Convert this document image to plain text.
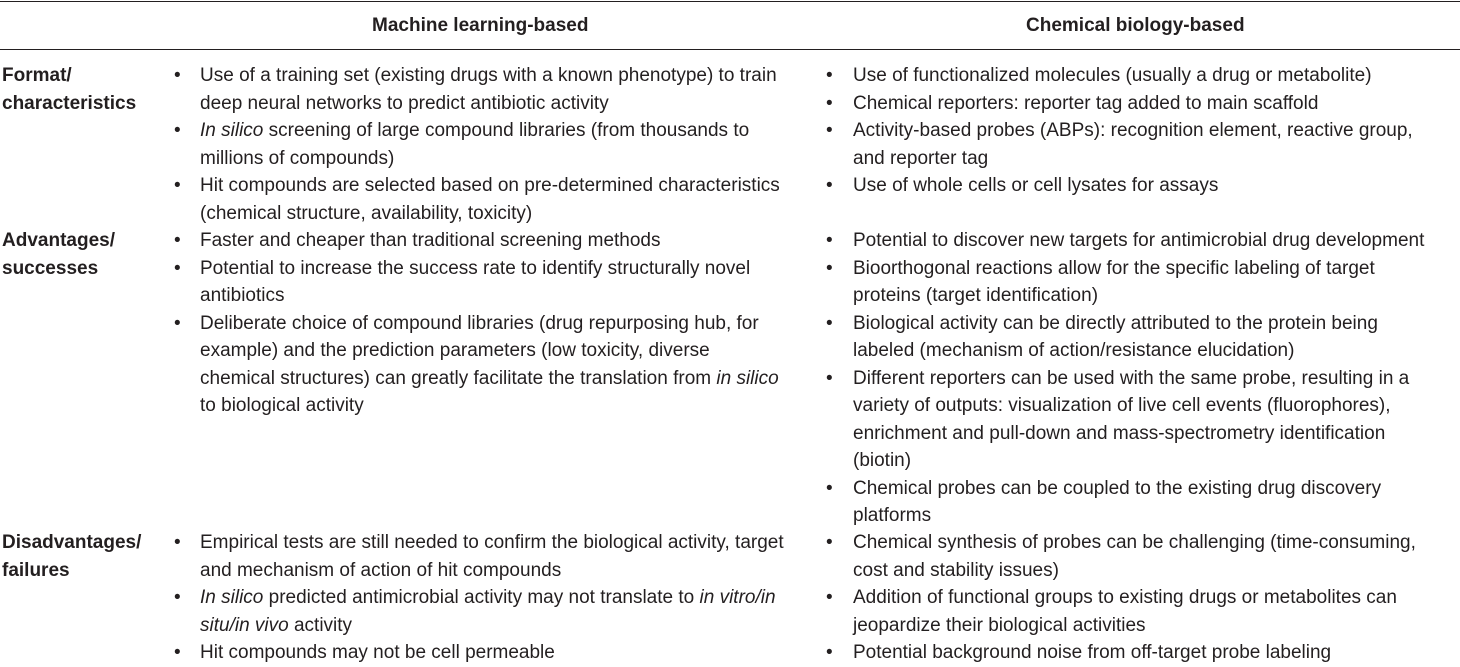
Machine learning-based	Chemical biology-based
Format/
characteristics
• Use of a training set (existing drugs with a known phenotype) to train
deep neural networks to predict antibiotic activity
• In silico screening of large compound libraries (from thousands to
millions of compounds)
• Hit compounds are selected based on pre-determined characteristics
(chemical structure, availability, toxicity)
• Use of functionalized molecules (usually a drug or metabolite)
• Chemical reporters: reporter tag added to main scaffold
• Activity-based probes (ABPs): recognition element, reactive group,
and reporter tag
• Use of whole cells or cell lysates for assays
Advantages/
successes
• Faster and cheaper than traditional screening methods
• Potential to increase the success rate to identify structurally novel
antibiotics
• Deliberate choice of compound libraries (drug repurposing hub, for
example) and the prediction parameters (low toxicity, diverse
chemical structures) can greatly facilitate the translation from in silico
to biological activity
• Potential to discover new targets for antimicrobial drug development
• Bioorthogonal reactions allow for the specific labeling of target
proteins (target identification)
• Biological activity can be directly attributed to the protein being
labeled (mechanism of action/resistance elucidation)
• Different reporters can be used with the same probe, resulting in a
variety of outputs: visualization of live cell events (fluorophores),
enrichment and pull-down and mass-spectrometry identification
(biotin)
• Chemical probes can be coupled to the existing drug discovery
platforms
Disadvantages/
failures
• Empirical tests are still needed to confirm the biological activity, target
and mechanism of action of hit compounds
• In silico predicted antimicrobial activity may not translate to in vitro/in
situ/in vivo activity
• Hit compounds may not be cell permeable
• Chemical synthesis of probes can be challenging (time-consuming,
cost and stability issues)
• Addition of functional groups to existing drugs or metabolites can
jeopardize their biological activities
• Potential background noise from off-target probe labeling
